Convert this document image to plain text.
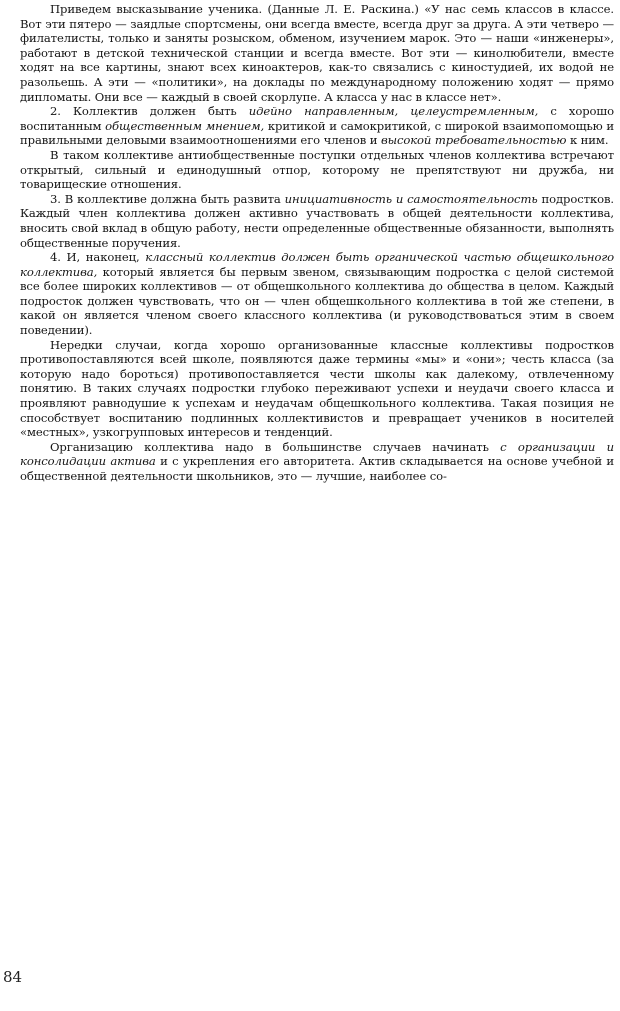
Приведем высказывание ученика. (Данные Л. Е. Раскина.) «У нас семь классов в классе. Вот эти пятеро — заядлые спортсмены, они всегда вместе, всегда друг за друга. А эти четверо — филателисты, только и заняты розыском, обменом, изучением марок. Это — наши «инженеры», работают в детской технической станции и всегда вместе. Вот эти — кинолюбители, вместе ходят на все картины, знают всех киноактеров, как-то связались с киностудией, их водой не разольешь. А эти — «политики», на доклады по международному положению ходят — прямо дипломаты. Они все — каждый в своей скорлупе. А класса у нас в классе нет».

2. Коллектив должен быть идейно направленным, целеустремленным, с хорошо воспитанным общественным мнением, критикой и самокритикой, с широкой взаимопомощью и правильными деловыми взаимоотношениями его членов и высокой требовательностью к ним.

В таком коллективе антиобщественные поступки отдельных членов коллектива встречают открытый, сильный и единодушный отпор, которому не препятствуют ни дружба, ни товарищеские отношения.

3. В коллективе должна быть развита инициативность и самостоятельность подростков. Каждый член коллектива должен активно участвовать в общей деятельности коллектива, вносить свой вклад в общую работу, нести определенные общественные обязанности, выполнять общественные поручения.

4. И, наконец, классный коллектив должен быть органической частью общешкольного коллектива, который является бы первым звеном, связывающим подростка с целой системой все более широких коллективов — от общешкольного коллектива до общества в целом. Каждый подросток должен чувствовать, что он — член общешкольного коллектива в той же степени, в какой он является членом своего классного коллектива (и руководствоваться этим в своем поведении).

Нередки случаи, когда хорошо организованные классные коллективы подростков противопоставляются всей школе, появляются даже термины «мы» и «они»; честь класса (за которую надо бороться) противопоставляется чести школы как далекому, отвлеченному понятию. В таких случаях подростки глубоко переживают успехи и неудачи своего класса и проявляют равнодушие к успехам и неудачам общешкольного коллектива. Такая позиция не способствует воспитанию подлинных коллективистов и превращает учеников в носителей «местных», узкогрупповых интересов и тенденций.

Организацию коллектива надо в большинстве случаев начинать с организации и консолидации актива и с укрепления его авторитета. Актив складывается на основе учебной и общественной деятельности школьников, это — лучшие, наиболее со-

84
